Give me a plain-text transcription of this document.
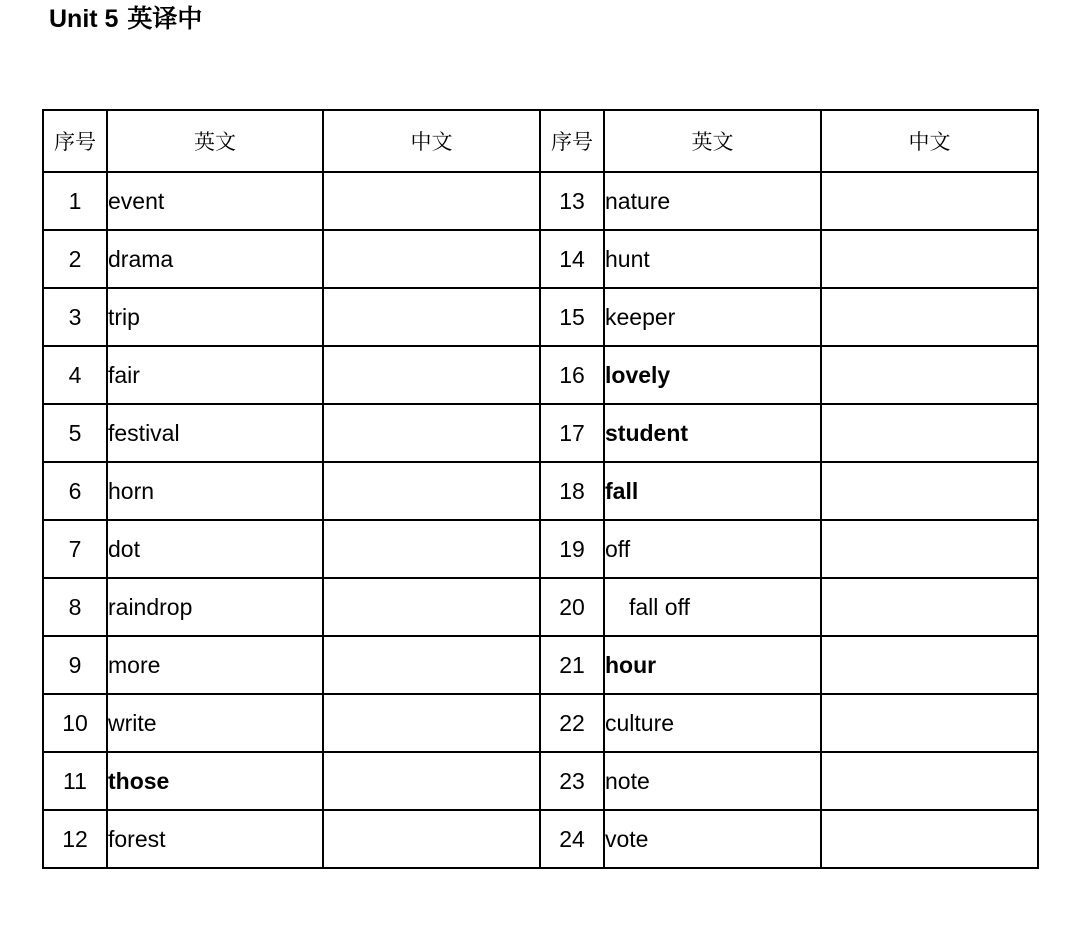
Unit 5 英译中
序号	英文	中文	序号	英文	中文
1	event		13	nature	
2	drama		14	hunt	
3	trip		15	keeper	
4	fair		16	lovely	
5	festival		17	student	
6	horn		18	fall	
7	dot		19	off	
8	raindrop		20	fall off	
9	more		21	hour	
10	write		22	culture	
11	those		23	note	
12	forest		24	vote	
